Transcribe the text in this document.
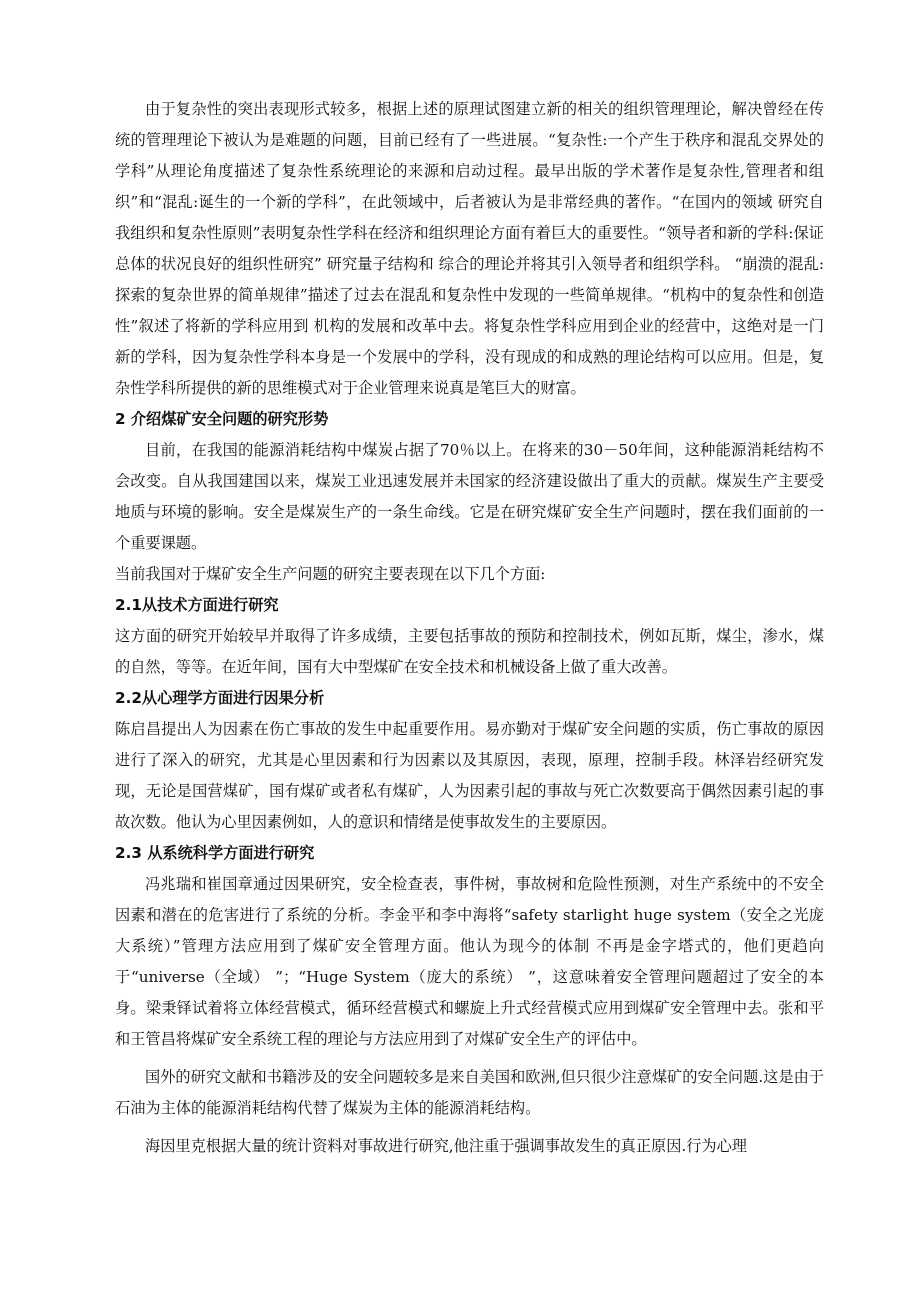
由于复杂性的突出表现形式较多，根据上述的原理试图建立新的相关的组织管理理论，解决曾经在传统的管理理论下被认为是难题的问题，目前已经有了一些进展。“复杂性:一个产生于秩序和混乱交界处的学科”从理论角度描述了复杂性系统理论的来源和启动过程。最早出版的学术著作是复杂性,管理者和组织”和“混乱:诞生的一个新的学科”，在此领域中，后者被认为是非常经典的著作。“在国内的领域 研究自我组织和复杂性原则”表明复杂性学科在经济和组织理论方面有着巨大的重要性。“领导者和新的学科:保证总体的状况良好的组织性研究” 研究量子结构和 综合的理论并将其引入领导者和组织学科。 “崩溃的混乱:探索的复杂世界的简单规律”描述了过去在混乱和复杂性中发现的一些简单规律。“机构中的复杂性和创造性”叙述了将新的学科应用到 机构的发展和改革中去。将复杂性学科应用到企业的经营中，这绝对是一门新的学科，因为复杂性学科本身是一个发展中的学科，没有现成的和成熟的理论结构可以应用。但是，复杂性学科所提供的新的思维模式对于企业管理来说真是笔巨大的财富。

2 介绍煤矿安全问题的研究形势

目前，在我国的能源消耗结构中煤炭占据了70％以上。在将来的30－50年间，这种能源消耗结构不会改变。自从我国建国以来，煤炭工业迅速发展并未国家的经济建设做出了重大的贡献。煤炭生产主要受地质与环境的影响。安全是煤炭生产的一条生命线。它是在研究煤矿安全生产问题时，摆在我们面前的一个重要课题。

当前我国对于煤矿安全生产问题的研究主要表现在以下几个方面:

2.1从技术方面进行研究

这方面的研究开始较早并取得了许多成绩，主要包括事故的预防和控制技术，例如瓦斯，煤尘，渗水，煤的自然，等等。在近年间，国有大中型煤矿在安全技术和机械设备上做了重大改善。

2.2从心理学方面进行因果分析

陈启昌提出人为因素在伤亡事故的发生中起重要作用。易亦勤对于煤矿安全问题的实质，伤亡事故的原因进行了深入的研究，尤其是心里因素和行为因素以及其原因，表现，原理，控制手段。林泽岩经研究发现，无论是国营煤矿，国有煤矿或者私有煤矿，人为因素引起的事故与死亡次数要高于偶然因素引起的事故次数。他认为心里因素例如，人的意识和情绪是使事故发生的主要原因。

2.3 从系统科学方面进行研究

冯兆瑞和崔国章通过因果研究，安全检查表，事件树，事故树和危险性预测，对生产系统中的不安全因素和潜在的危害进行了系统的分析。李金平和李中海将“safety starlight huge system（安全之光庞大系统）”管理方法应用到了煤矿安全管理方面。他认为现今的体制 不再是金字塔式的，他们更趋向于“universe（全域） ”；“Huge System（庞大的系统） ”，这意味着安全管理问题超过了安全的本身。梁秉铎试着将立体经营模式，循环经营模式和螺旋上升式经营模式应用到煤矿安全管理中去。张和平和王管昌将煤矿安全系统工程的理论与方法应用到了对煤矿安全生产的评估中。

国外的研究文献和书籍涉及的安全问题较多是来自美国和欧洲,但只很少注意煤矿的安全问题.这是由于石油为主体的能源消耗结构代替了煤炭为主体的能源消耗结构。

海因里克根据大量的统计资料对事故进行研究,他注重于强调事故发生的真正原因.行为心理
